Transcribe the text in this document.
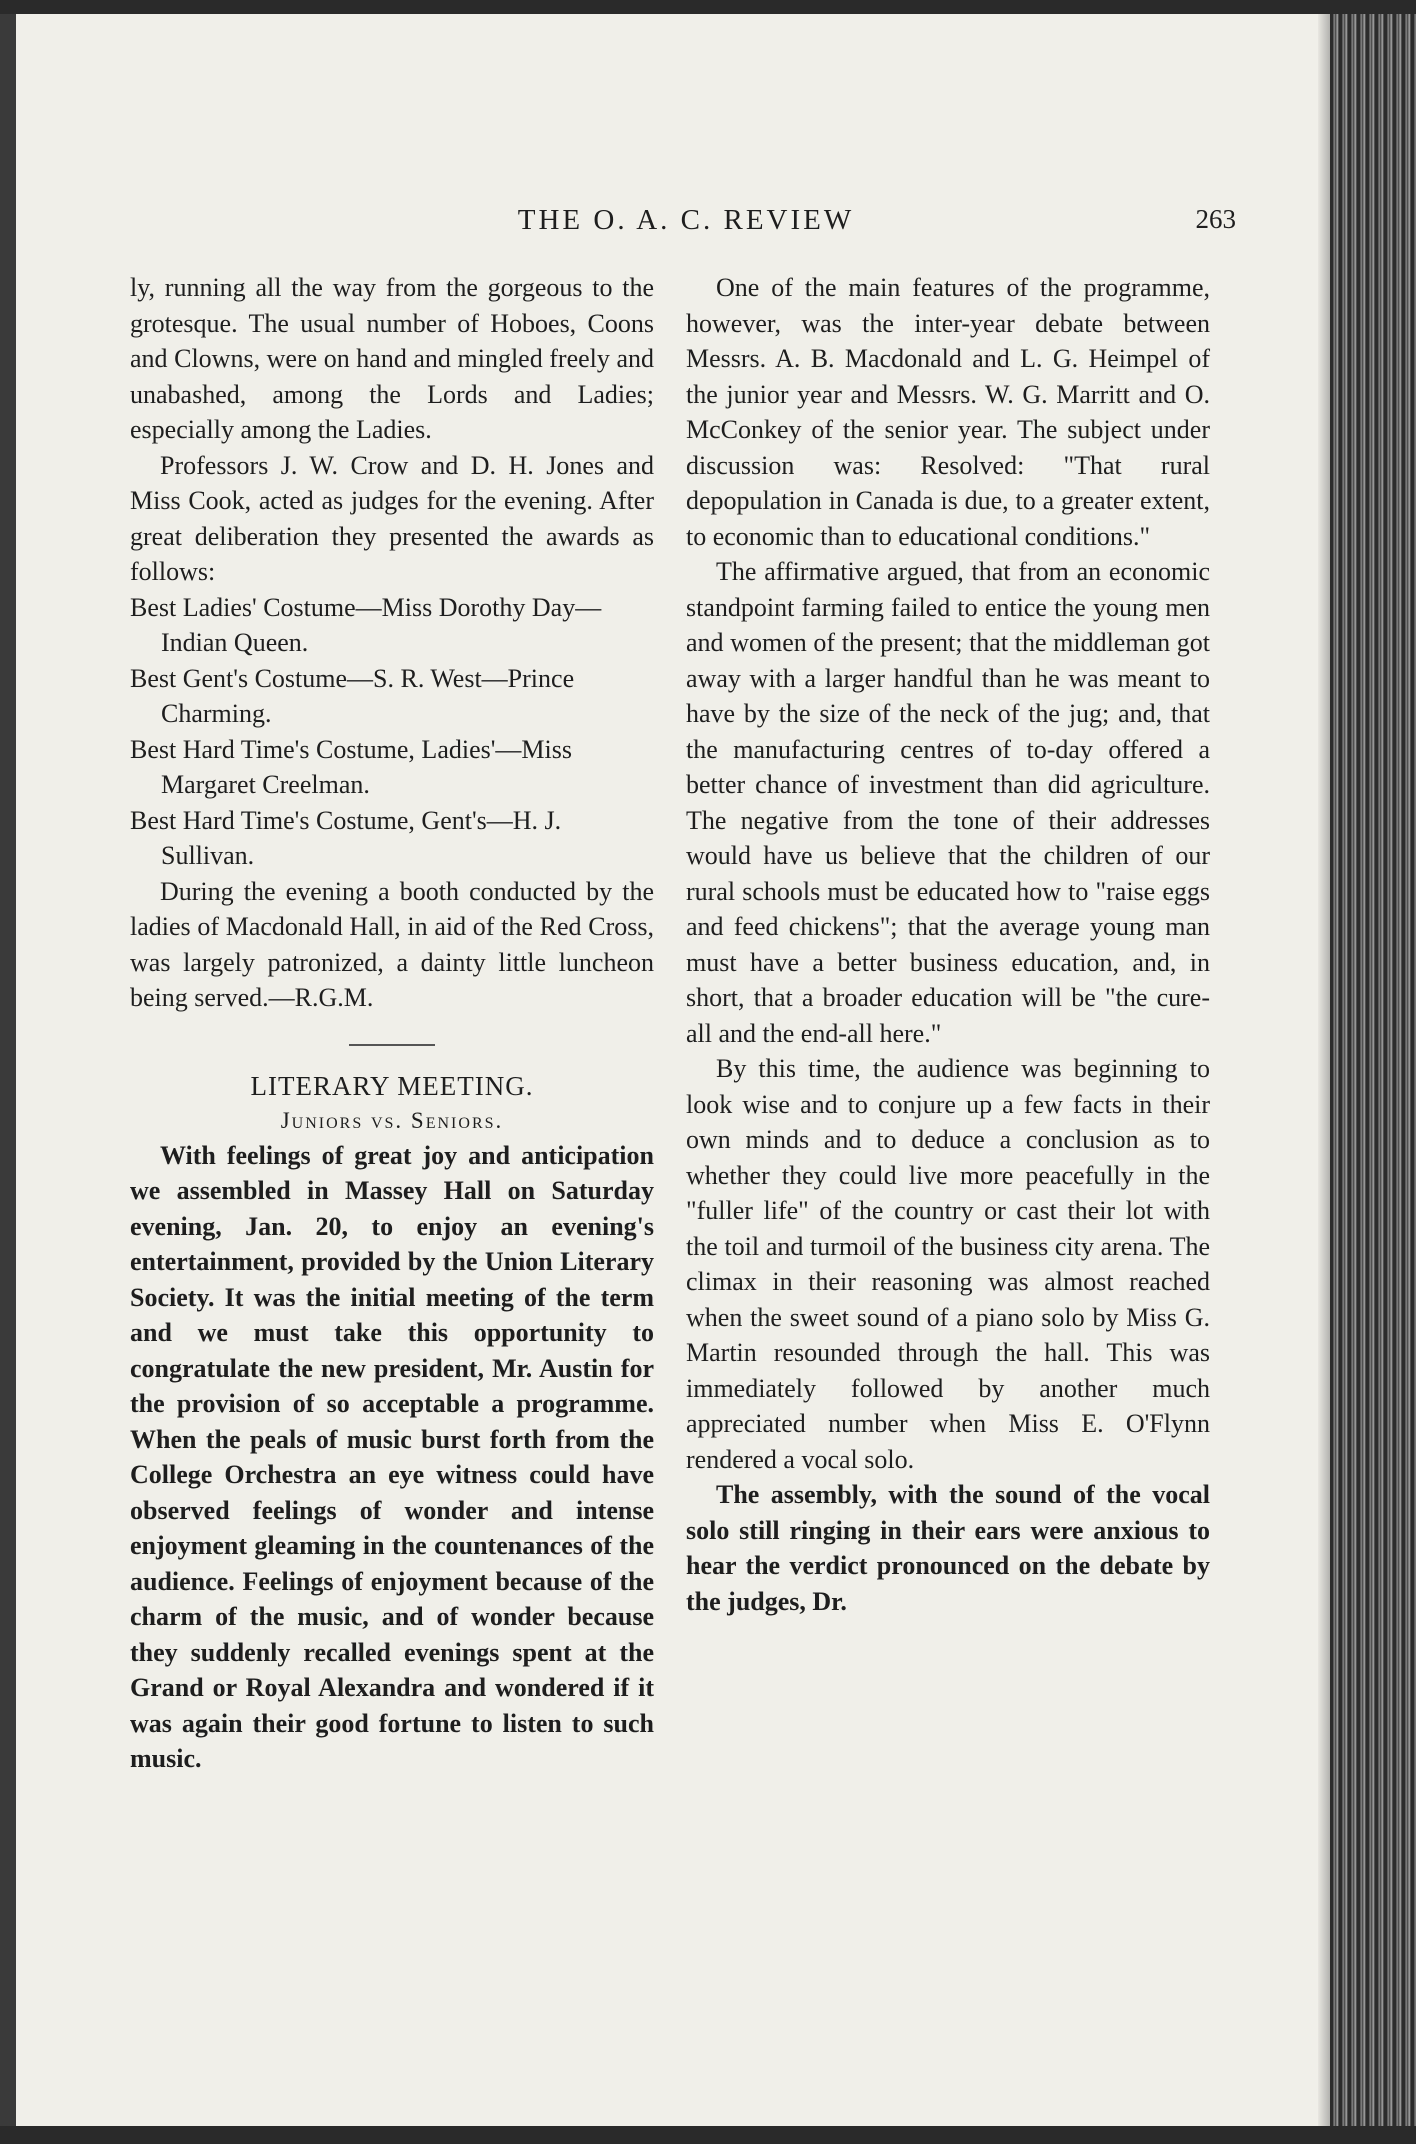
THE O. A. C. REVIEW	263

ly, running all the way from the gorgeous to the grotesque. The usual number of Hoboes, Coons and Clowns, were on hand and mingled freely and unabashed, among the Lords and Ladies; especially among the Ladies.

Professors J. W. Crow and D. H. Jones and Miss Cook, acted as judges for the evening. After great deliberation they presented the awards as follows:

Best Ladies' Costume—Miss Dorothy Day—Indian Queen.

Best Gent's Costume—S. R. West—Prince Charming.

Best Hard Time's Costume, Ladies'—Miss Margaret Creelman.

Best Hard Time's Costume, Gent's—H. J. Sullivan.

During the evening a booth conducted by the ladies of Macdonald Hall, in aid of the Red Cross, was largely patronized, a dainty little luncheon being served.—R.G.M.

LITERARY MEETING.

Juniors vs. Seniors.

With feelings of great joy and anticipation we assembled in Massey Hall on Saturday evening, Jan. 20, to enjoy an evening's entertainment, provided by the Union Literary Society. It was the initial meeting of the term and we must take this opportunity to congratulate the new president, Mr. Austin for the provision of so acceptable a programme. When the peals of music burst forth from the College Orchestra an eye witness could have observed feelings of wonder and intense enjoyment gleaming in the countenances of the audience. Feelings of enjoyment because of the charm of the music, and of wonder because they suddenly recalled evenings spent at the Grand or Royal Alexandra and wondered if it was again their good fortune to listen to such music.

One of the main features of the programme, however, was the inter-year debate between Messrs. A. B. Macdonald and L. G. Heimpel of the junior year and Messrs. W. G. Marritt and O. McConkey of the senior year. The subject under discussion was: Resolved: "That rural depopulation in Canada is due, to a greater extent, to economic than to educational conditions."

The affirmative argued, that from an economic standpoint farming failed to entice the young men and women of the present; that the middleman got away with a larger handful than he was meant to have by the size of the neck of the jug; and, that the manufacturing centres of to-day offered a better chance of investment than did agriculture. The negative from the tone of their addresses would have us believe that the children of our rural schools must be educated how to "raise eggs and feed chickens"; that the average young man must have a better business education, and, in short, that a broader education will be "the cure-all and the end-all here."

By this time, the audience was beginning to look wise and to conjure up a few facts in their own minds and to deduce a conclusion as to whether they could live more peacefully in the "fuller life" of the country or cast their lot with the toil and turmoil of the business city arena. The climax in their reasoning was almost reached when the sweet sound of a piano solo by Miss G. Martin resounded through the hall. This was immediately followed by another much appreciated number when Miss E. O'Flynn rendered a vocal solo.

The assembly, with the sound of the vocal solo still ringing in their ears were anxious to hear the verdict pronounced on the debate by the judges, Dr.
